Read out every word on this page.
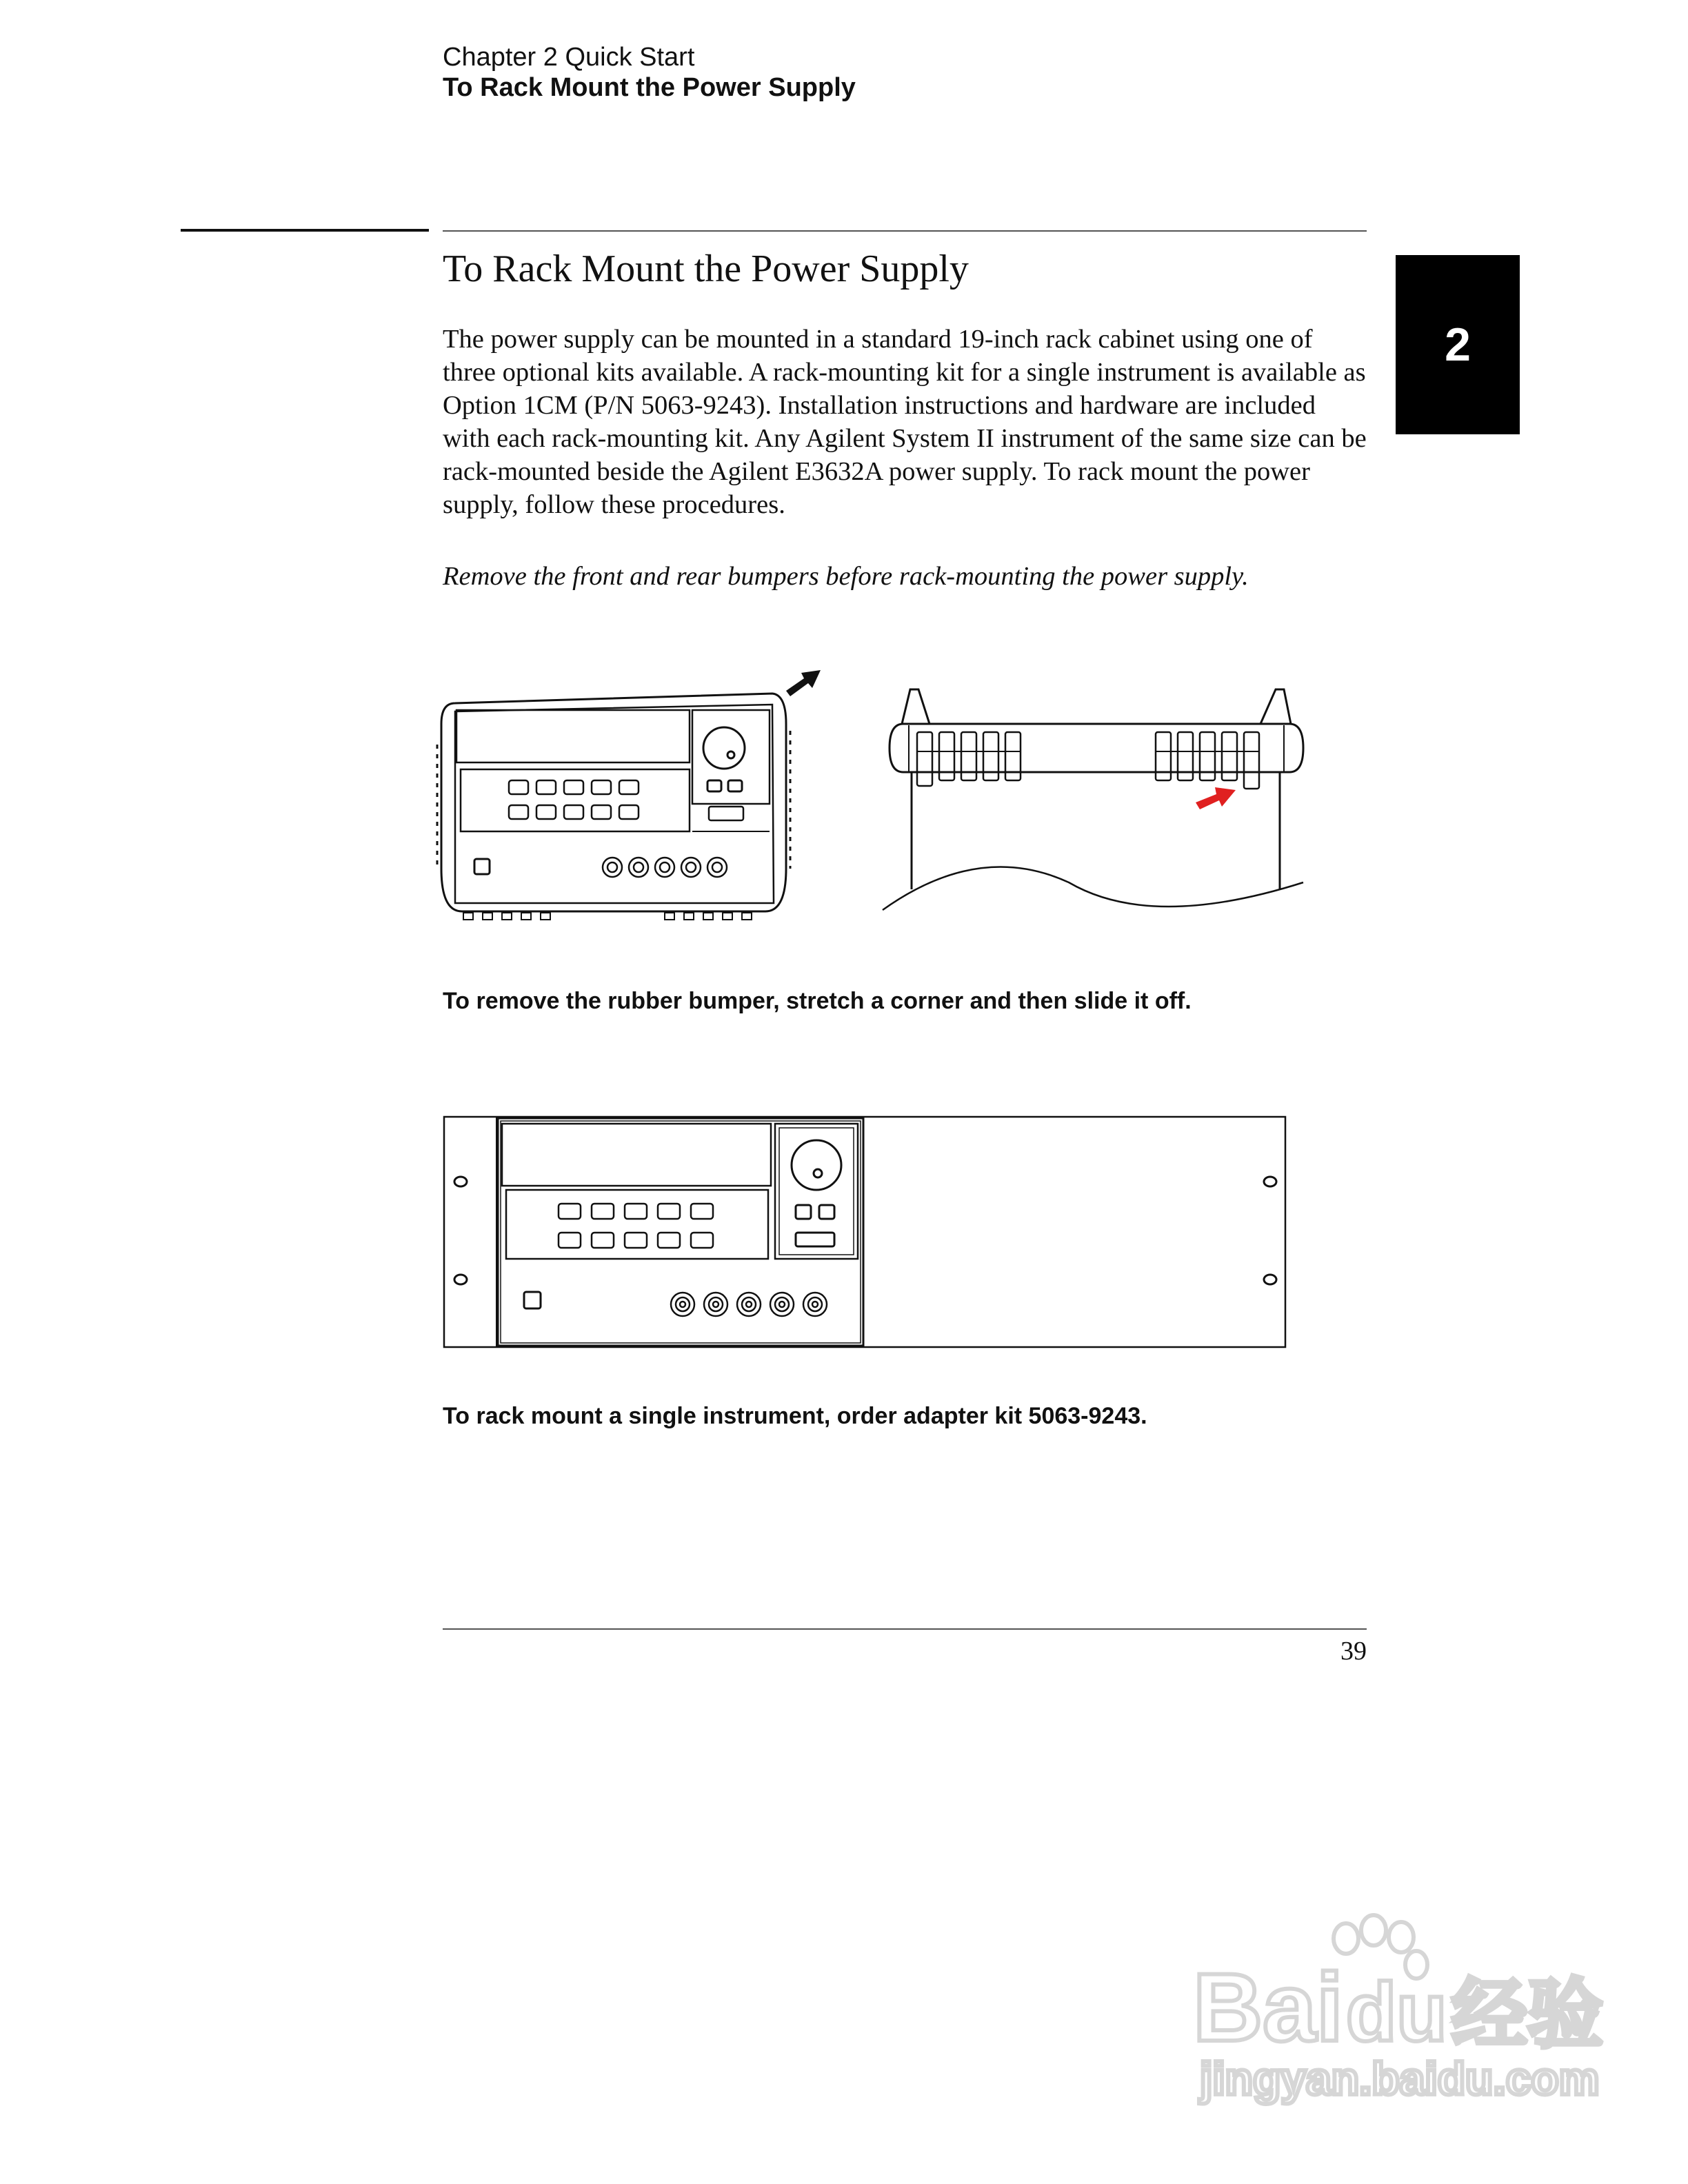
Chapter 2 Quick Start
To Rack Mount the Power Supply
2
To Rack Mount the Power Supply
The power supply can be mounted in a standard 19-inch rack cabinet using one of three optional kits available. A rack-mounting kit for a single instrument is available as Option 1CM (P/N 5063-9243). Installation instructions and hardware are included with each rack-mounting kit. Any Agilent System II instrument of the same size can be rack-mounted beside the Agilent E3632A power supply. To rack mount the power supply, follow these procedures.
Remove the front and rear bumpers before rack-mounting the power supply.
To remove the rubber bumper, stretch a corner and then slide it off.
To rack mount a single instrument, order adapter kit 5063-9243.
39
Bai du 经验
jingyan.baidu.com
